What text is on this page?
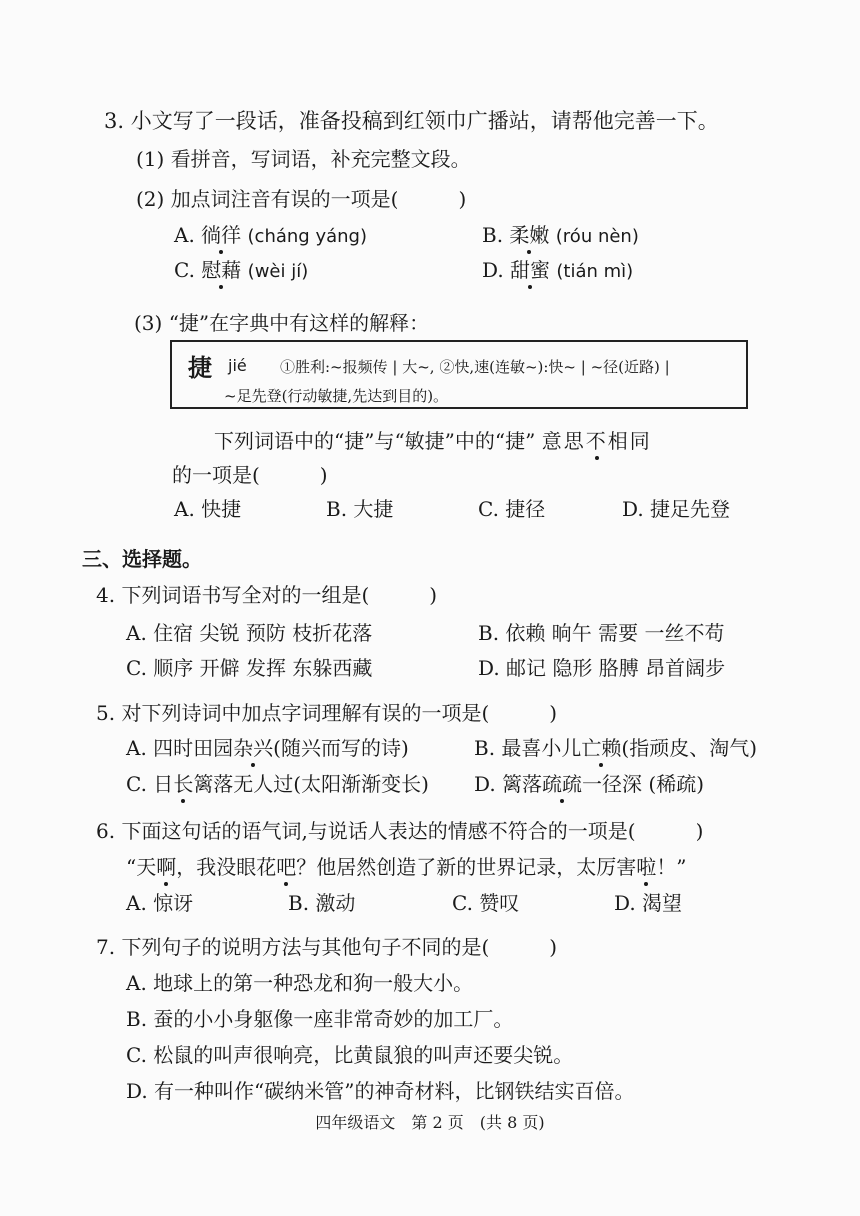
3. 小文写了一段话，准备投稿到红领巾广播站，请帮他完善一下。
(1) 看拼音，写词语，补充完整文段。
(2) 加点词注音有误的一项是(　　　)
A. 徜徉 (cháng yáng)	B. 柔嫩 (róu nèn)
C. 慰藉 (wèi jí)	D. 甜蜜 (tián mì)
(3) “捷”在字典中有这样的解释：
捷 jié ①胜利:~报频传 | 大~, ②快,速(连敏~):快~ | ~径(近路) |
~足先登(行动敏捷,先达到目的)。
下列词语中的“捷”与“敏捷”中的“捷” 意思不相同
的一项是(　　　)
A. 快捷	B. 大捷	C. 捷径	D. 捷足先登
三、选择题。
4. 下列词语书写全对的一组是(　　　)
A. 住宿 尖锐 预防 枝折花落	B. 依赖 晌午 需要 一丝不苟
C. 顺序 开僻 发挥 东躲西藏	D. 邮记 隐形 胳膊 昂首阔步
5. 对下列诗词中加点字词理解有误的一项是(　　　)
A. 四时田园杂兴(随兴而写的诗)	B. 最喜小儿亡赖(指顽皮、淘气)
C. 日长篱落无人过(太阳渐渐变长) D. 篱落疏疏一径深 (稀疏)
6. 下面这句话的语气词,与说话人表达的情感不符合的一项是(　　　)
“天啊，我没眼花吧？他居然创造了新的世界记录，太厉害啦！”
A. 惊讶	B. 激动	C. 赞叹	D. 渴望
7. 下列句子的说明方法与其他句子不同的是(　　　)
A. 地球上的第一种恐龙和狗一般大小。
B. 蚕的小小身躯像一座非常奇妙的加工厂。
C. 松鼠的叫声很响亮，比黄鼠狼的叫声还要尖锐。
D. 有一种叫作“碳纳米管”的神奇材料，比钢铁结实百倍。
四年级语文　第 2 页　(共 8 页)
